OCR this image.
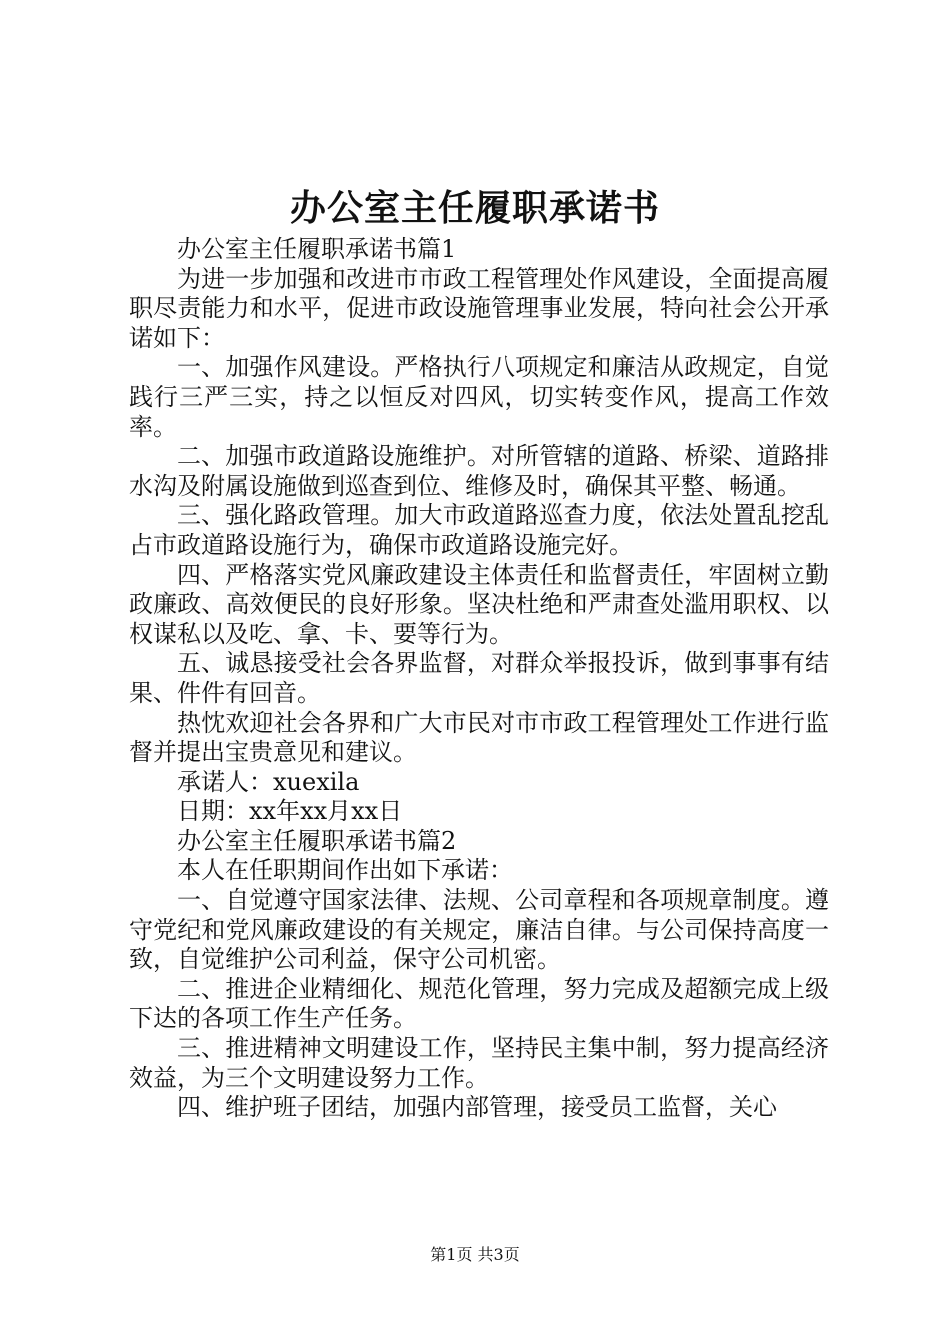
办公室主任履职承诺书

办公室主任履职承诺书篇1

为进一步加强和改进市市政工程管理处作风建设，全面提高履职尽责能力和水平，促进市政设施管理事业发展，特向社会公开承诺如下：

一、加强作风建设。严格执行八项规定和廉洁从政规定，自觉践行三严三实，持之以恒反对四风，切实转变作风，提高工作效率。

二、加强市政道路设施维护。对所管辖的道路、桥梁、道路排水沟及附属设施做到巡查到位、维修及时，确保其平整、畅通。

三、强化路政管理。加大市政道路巡查力度，依法处置乱挖乱占市政道路设施行为，确保市政道路设施完好。

四、严格落实党风廉政建设主体责任和监督责任，牢固树立勤政廉政、高效便民的良好形象。坚决杜绝和严肃查处滥用职权、以权谋私以及吃、拿、卡、要等行为。

五、诚恳接受社会各界监督，对群众举报投诉，做到事事有结果、件件有回音。

热忱欢迎社会各界和广大市民对市市政工程管理处工作进行监督并提出宝贵意见和建议。

承诺人：xuexila

日期：xx年xx月xx日

办公室主任履职承诺书篇2

本人在任职期间作出如下承诺：

一、自觉遵守国家法律、法规、公司章程和各项规章制度。遵守党纪和党风廉政建设的有关规定，廉洁自律。与公司保持高度一致，自觉维护公司利益，保守公司机密。

二、推进企业精细化、规范化管理，努力完成及超额完成上级下达的各项工作生产任务。

三、推进精神文明建设工作，坚持民主集中制，努力提高经济效益，为三个文明建设努力工作。

四、维护班子团结，加强内部管理，接受员工监督，关心

第1页 共3页
